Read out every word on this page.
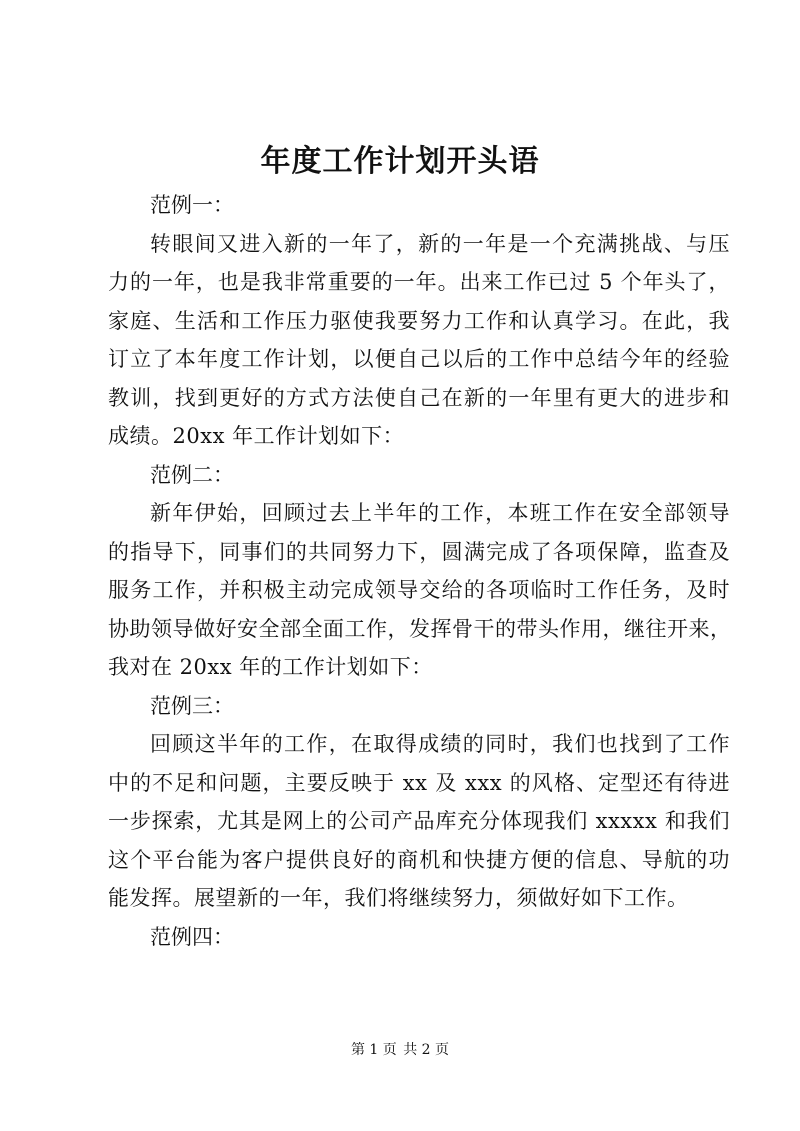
年度工作计划开头语

范例一：

转眼间又进入新的一年了，新的一年是一个充满挑战、与压

力的一年，也是我非常重要的一年。出来工作已过 5 个年头了，

家庭、生活和工作压力驱使我要努力工作和认真学习。在此，我

订立了本年度工作计划，以便自己以后的工作中总结今年的经验

教训，找到更好的方式方法使自己在新的一年里有更大的进步和

成绩。20xx 年工作计划如下：

范例二：

新年伊始，回顾过去上半年的工作，本班工作在安全部领导

的指导下，同事们的共同努力下，圆满完成了各项保障，监查及

服务工作，并积极主动完成领导交给的各项临时工作任务，及时

协助领导做好安全部全面工作，发挥骨干的带头作用，继往开来，

我对在 20xx 年的工作计划如下：

范例三：

回顾这半年的工作，在取得成绩的同时，我们也找到了工作

中的不足和问题，主要反映于 xx 及 xxx 的风格、定型还有待进

一步探索，尤其是网上的公司产品库充分体现我们 xxxxx 和我们

这个平台能为客户提供良好的商机和快捷方便的信息、导航的功

能发挥。展望新的一年，我们将继续努力，须做好如下工作。

范例四：

第 1 页 共 2 页
